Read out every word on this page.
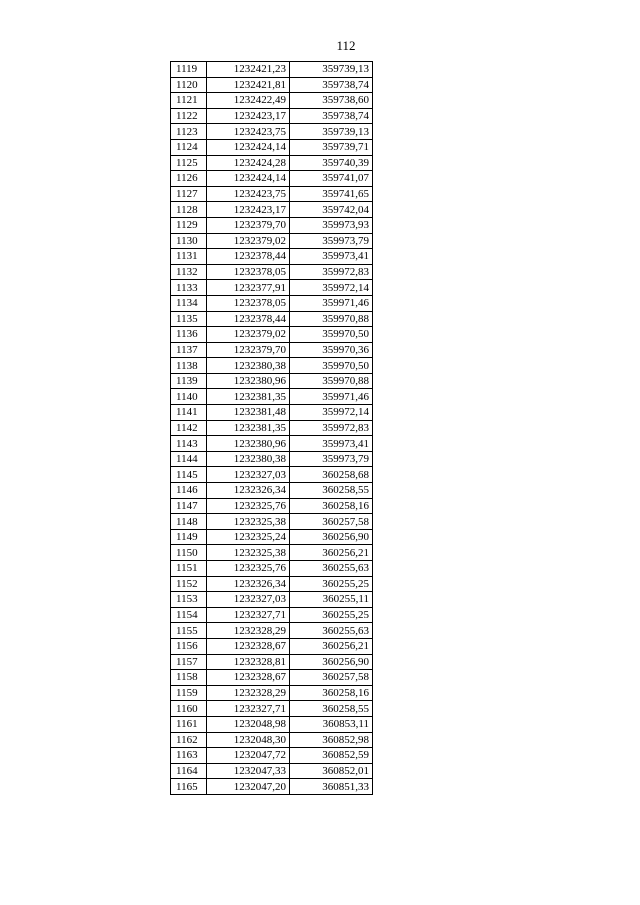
112
1119	1232421,23	359739,13
1120	1232421,81	359738,74
1121	1232422,49	359738,60
1122	1232423,17	359738,74
1123	1232423,75	359739,13
1124	1232424,14	359739,71
1125	1232424,28	359740,39
1126	1232424,14	359741,07
1127	1232423,75	359741,65
1128	1232423,17	359742,04
1129	1232379,70	359973,93
1130	1232379,02	359973,79
1131	1232378,44	359973,41
1132	1232378,05	359972,83
1133	1232377,91	359972,14
1134	1232378,05	359971,46
1135	1232378,44	359970,88
1136	1232379,02	359970,50
1137	1232379,70	359970,36
1138	1232380,38	359970,50
1139	1232380,96	359970,88
1140	1232381,35	359971,46
1141	1232381,48	359972,14
1142	1232381,35	359972,83
1143	1232380,96	359973,41
1144	1232380,38	359973,79
1145	1232327,03	360258,68
1146	1232326,34	360258,55
1147	1232325,76	360258,16
1148	1232325,38	360257,58
1149	1232325,24	360256,90
1150	1232325,38	360256,21
1151	1232325,76	360255,63
1152	1232326,34	360255,25
1153	1232327,03	360255,11
1154	1232327,71	360255,25
1155	1232328,29	360255,63
1156	1232328,67	360256,21
1157	1232328,81	360256,90
1158	1232328,67	360257,58
1159	1232328,29	360258,16
1160	1232327,71	360258,55
1161	1232048,98	360853,11
1162	1232048,30	360852,98
1163	1232047,72	360852,59
1164	1232047,33	360852,01
1165	1232047,20	360851,33
